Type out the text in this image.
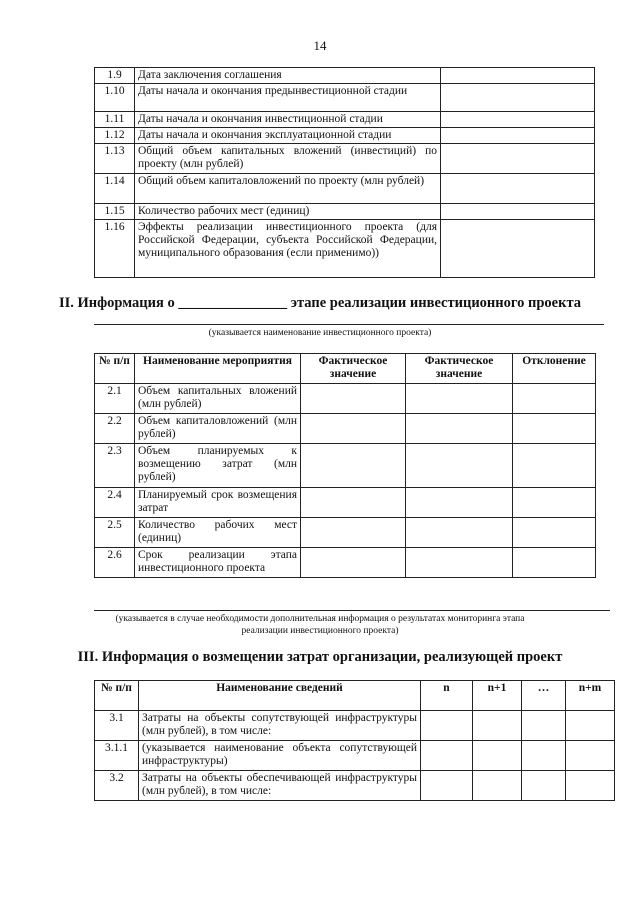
14
1.9	Дата заключения соглашения	
1.10	Даты начала и окончания предынвестиционной стадии	
1.11	Даты начала и окончания инвестиционной стадии	
1.12	Даты начала и окончания эксплуатационной стадии	
1.13	Общий объем капитальных вложений (инвестиций) по проекту (млн рублей)	
1.14	Общий объем капиталовложений по проекту (млн рублей)	
1.15	Количество рабочих мест (единиц)	
1.16	Эффекты реализации инвестиционного проекта (для Российской Федерации, субъекта Российской Федерации, муниципального образования (если применимо))	
II. Информация о _______________ этапе реализации инвестиционного проекта
(указывается наименование инвестиционного проекта)
№ п/п	Наименование мероприятия	Фактическое значение	Фактическое значение	Отклонение
2.1	Объем капитальных вложений (млн рублей)			
2.2	Объем капиталовложений (млн рублей)			
2.3	Объем планируемых к возмещению затрат (млн рублей)			
2.4	Планируемый срок возмещения затрат			
2.5	Количество рабочих мест (единиц)			
2.6	Срок реализации этапа инвестиционного проекта			
(указывается в случае необходимости дополнительная информация о результатах мониторинга этапа
реализации инвестиционного проекта)
III. Информация о возмещении затрат организации, реализующей проект
№ п/п	Наименование сведений	n	n+1	…	n+m
3.1	Затраты на объекты сопутствующей инфраструктуры (млн рублей), в том числе:				
3.1.1	(указывается наименование объекта сопутствующей инфраструктуры)				
3.2	Затраты на объекты обеспечивающей инфраструктуры (млн рублей), в том числе:				
